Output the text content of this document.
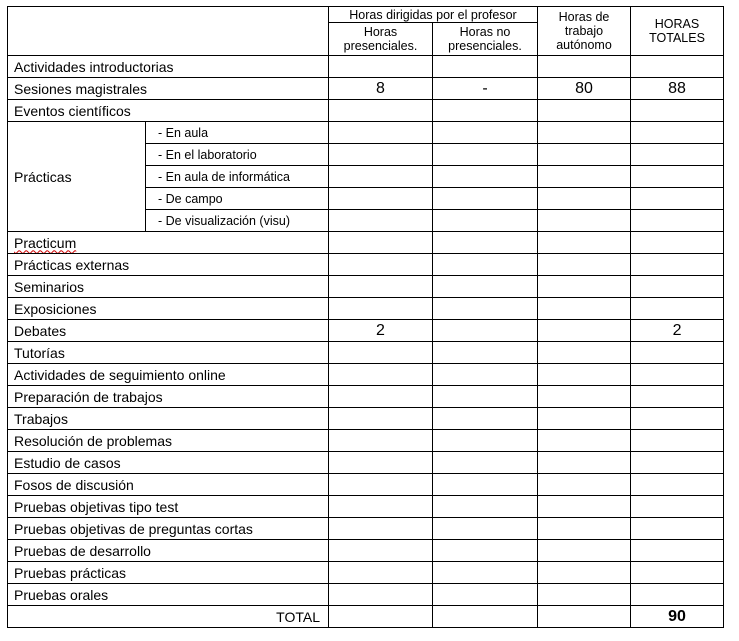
		Horas dirigidas por el profesor		Horas de trabajo autónomo	HORAS TOTALES
		Horas presenciales.	Horas no presenciales.		
Actividades introductorias					
Sesiones magistrales		8	-	80	88
Eventos científicos					
Prácticas	- En aula				
	- En el laboratorio				
	- En aula de informática				
	- De campo				
	- De visualización (visu)				
Practicum					
Prácticas externas					
Seminarios					
Exposiciones					
Debates		2			2
Tutorías					
Actividades de seguimiento online					
Preparación de trabajos					
Trabajos					
Resolución de problemas					
Estudio de casos					
Fosos de discusión					
Pruebas objetivas tipo test					
Pruebas objetivas de preguntas cortas					
Pruebas de desarrollo					
Pruebas prácticas					
Pruebas orales					
	TOTAL				90
